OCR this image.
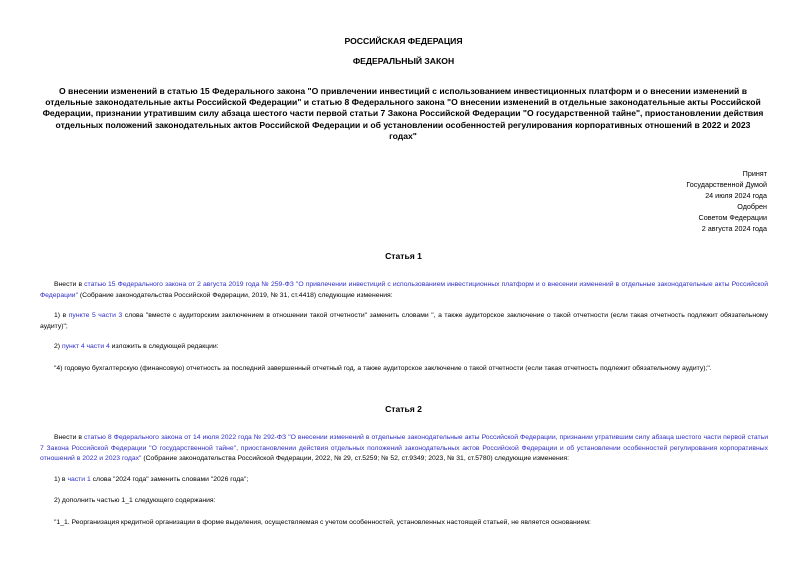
РОССИЙСКАЯ ФЕДЕРАЦИЯ
ФЕДЕРАЛЬНЫЙ ЗАКОН
О внесении изменений в статью 15 Федерального закона "О привлечении инвестиций с использованием инвестиционных платформ и о внесении изменений в отдельные законодательные акты Российской Федерации" и статью 8 Федерального закона "О внесении изменений в отдельные законодательные акты Российской Федерации, признании утратившим силу абзаца шестого части первой статьи 7 Закона Российской Федерации "О государственной тайне", приостановлении действия отдельных положений законодательных актов Российской Федерации и об установлении особенностей регулирования корпоративных отношений в 2022 и 2023 годах"
Принят
Государственной Думой
24 июля 2024 года
Одобрен
Советом Федерации
2 августа 2024 года
Статья 1
Внести в статью 15 Федерального закона от 2 августа 2019 года № 259-ФЗ "О привлечении инвестиций с использованием инвестиционных платформ и о внесении изменений в отдельные законодательные акты Российской Федерации" (Собрание законодательства Российской Федерации, 2019, № 31, ст.4418) следующие изменения:
1) в пункте 5 части 3 слова "вместе с аудиторским заключением в отношении такой отчетности" заменить словами ", а также аудиторское заключение о такой отчетности (если такая отчетность подлежит обязательному аудиту)";
2) пункт 4 части 4 изложить в следующей редакции:
"4) годовую бухгалтерскую (финансовую) отчетность за последний завершенный отчетный год, а также аудиторское заключение о такой отчетности (если такая отчетность подлежит обязательному аудиту);".
Статья 2
Внести в статью 8 Федерального закона от 14 июля 2022 года № 292-ФЗ "О внесении изменений в отдельные законодательные акты Российской Федерации, признании утратившим силу абзаца шестого части первой статьи 7 Закона Российской Федерации "О государственной тайне", приостановлении действия отдельных положений законодательных актов Российской Федерации и об установлении особенностей регулирования корпоративных отношений в 2022 и 2023 годах" (Собрание законодательства Российской Федерации, 2022, № 29, ст.5259; № 52, ст.9349; 2023, № 31, ст.5780) следующие изменения:
1) в части 1 слова "2024 года" заменить словами "2026 года";
2) дополнить частью 1_1 следующего содержания:
"1_1. Реорганизация кредитной организации в форме выделения, осуществляемая с учетом особенностей, установленных настоящей статьей, не является основанием:
